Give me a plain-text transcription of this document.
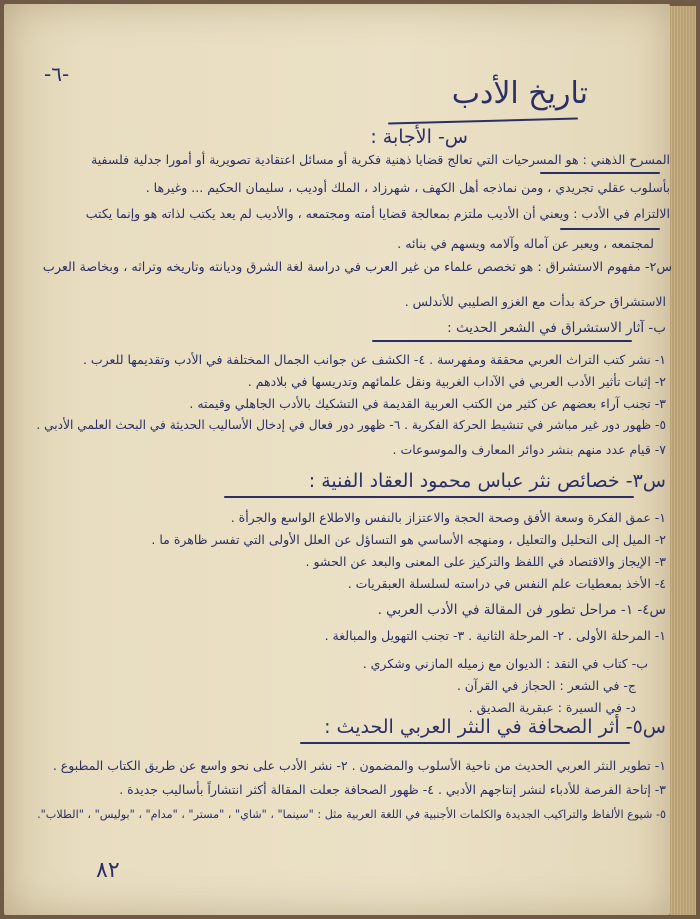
-٦-
تاريخ الأدب
س- الأجابة :
المسرح الذهني : هو المسرحيات التي تعالج قضايا ذهنية فكرية أو مسائل اعتقادية تصويرية أو أمورا جدلية فلسفية
بأسلوب عقلي تجريدي ، ومن نماذجه أهل الكهف ، شهرزاد ، الملك أوديب ، سليمان الحكيم ... وغيرها .
الالتزام في الأدب : ويعني أن الأديب ملتزم بمعالجة قضايا أمته ومجتمعه ، والأديب لم يعد يكتب لذاته هو وإنما يكتب
لمجتمعه ، ويعبر عن آماله وآلامه ويسهم في بنائه .
س٢- مفهوم الاستشراق : هو تخصص علماء من غير العرب في دراسة لغة الشرق وديانته وتاريخه وتراثه ، وبخاصة العرب
الاستشراق حركة بدأت مع الغزو الصليبي للأندلس .
ب- آثار الاستشراق في الشعر الحديث :
١- نشر كتب التراث العربي محققة ومفهرسة . ٤- الكشف عن جوانب الجمال المختلفة في الأدب وتقديمها للعرب .
٢- إثبات تأثير الأدب العربي في الآداب الغربية ونقل علمائهم وتدريسها في بلادهم .
٣- تجنب آراء بعضهم عن كثير من الكتب العربية القديمة في التشكيك بالأدب الجاهلي وقيمته .
٥- ظهور دور غير مباشر في تنشيط الحركة الفكرية . ٦- ظهور دور فعال في إدخال الأساليب الحديثة في البحث العلمي الأدبي .
٧- قيام عدد منهم بنشر دوائر المعارف والموسوعات .
س٣- خصائص نثر عباس محمود العقاد الفنية :
١- عمق الفكرة وسعة الأفق وصحة الحجة والاعتزاز بالنفس والاطلاع الواسع والجرأة .
٢- الميل إلى التحليل والتعليل ، ومنهجه الأساسي هو التساؤل عن العلل الأولى التي تفسر ظاهرة ما .
٣- الإيجاز والاقتصاد في اللفظ والتركيز على المعنى والبعد عن الحشو .
٤- الأخذ بمعطيات علم النفس في دراسته لسلسلة العبقريات .
س٤- ١- مراحل تطور فن المقالة في الأدب العربي .
١- المرحلة الأولى . ٢- المرحلة الثانية . ٣- تجنب التهويل والمبالغة .
ب- كتاب في النقد : الديوان مع زميله المازني وشكري .
ج- في الشعر : الحجاز في القرآن .
د- في السيرة : عبقرية الصديق .
س٥- أثر الصحافة في النثر العربي الحديث :
١- تطوير النثر العربي الحديث من ناحية الأسلوب والمضمون . ٢- نشر الأدب على نحو واسع عن طريق الكتاب المطبوع .
٣- إتاحة الفرصة للأدباء لنشر إنتاجهم الأدبي . ٤- ظهور الصحافة جعلت المقالة أكثر انتشاراً بأساليب جديدة .
٥- شيوع الألفاظ والتراكيب الجديدة والكلمات الأجنبية في اللغة العربية مثل : "سينما" ، "شاي" ، "مستر" ، "مدام" ، "بوليس" ، "الطلاب".
٨٢
